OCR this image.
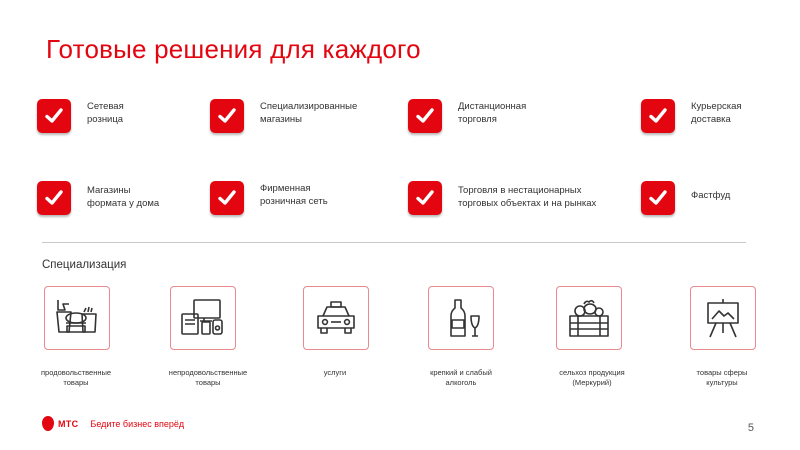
Готовые решения для каждого
Сетевая
розница
Специализированные
магазины
Дистанционная
торговля
Курьерская
доставка
Магазины
формата у дома
Фирменная
розничная сеть
Торговля в нестационарных
торговых объектах и на рынках
Фастфуд
Специализация
продовольственные
товары
непродовольственные
товары
услуги	крепкий и слабый
алкоголь
сельхоз продукция
(Меркурий)
товары сферы культуры
МТС Бедите бизнес вперёд	5
